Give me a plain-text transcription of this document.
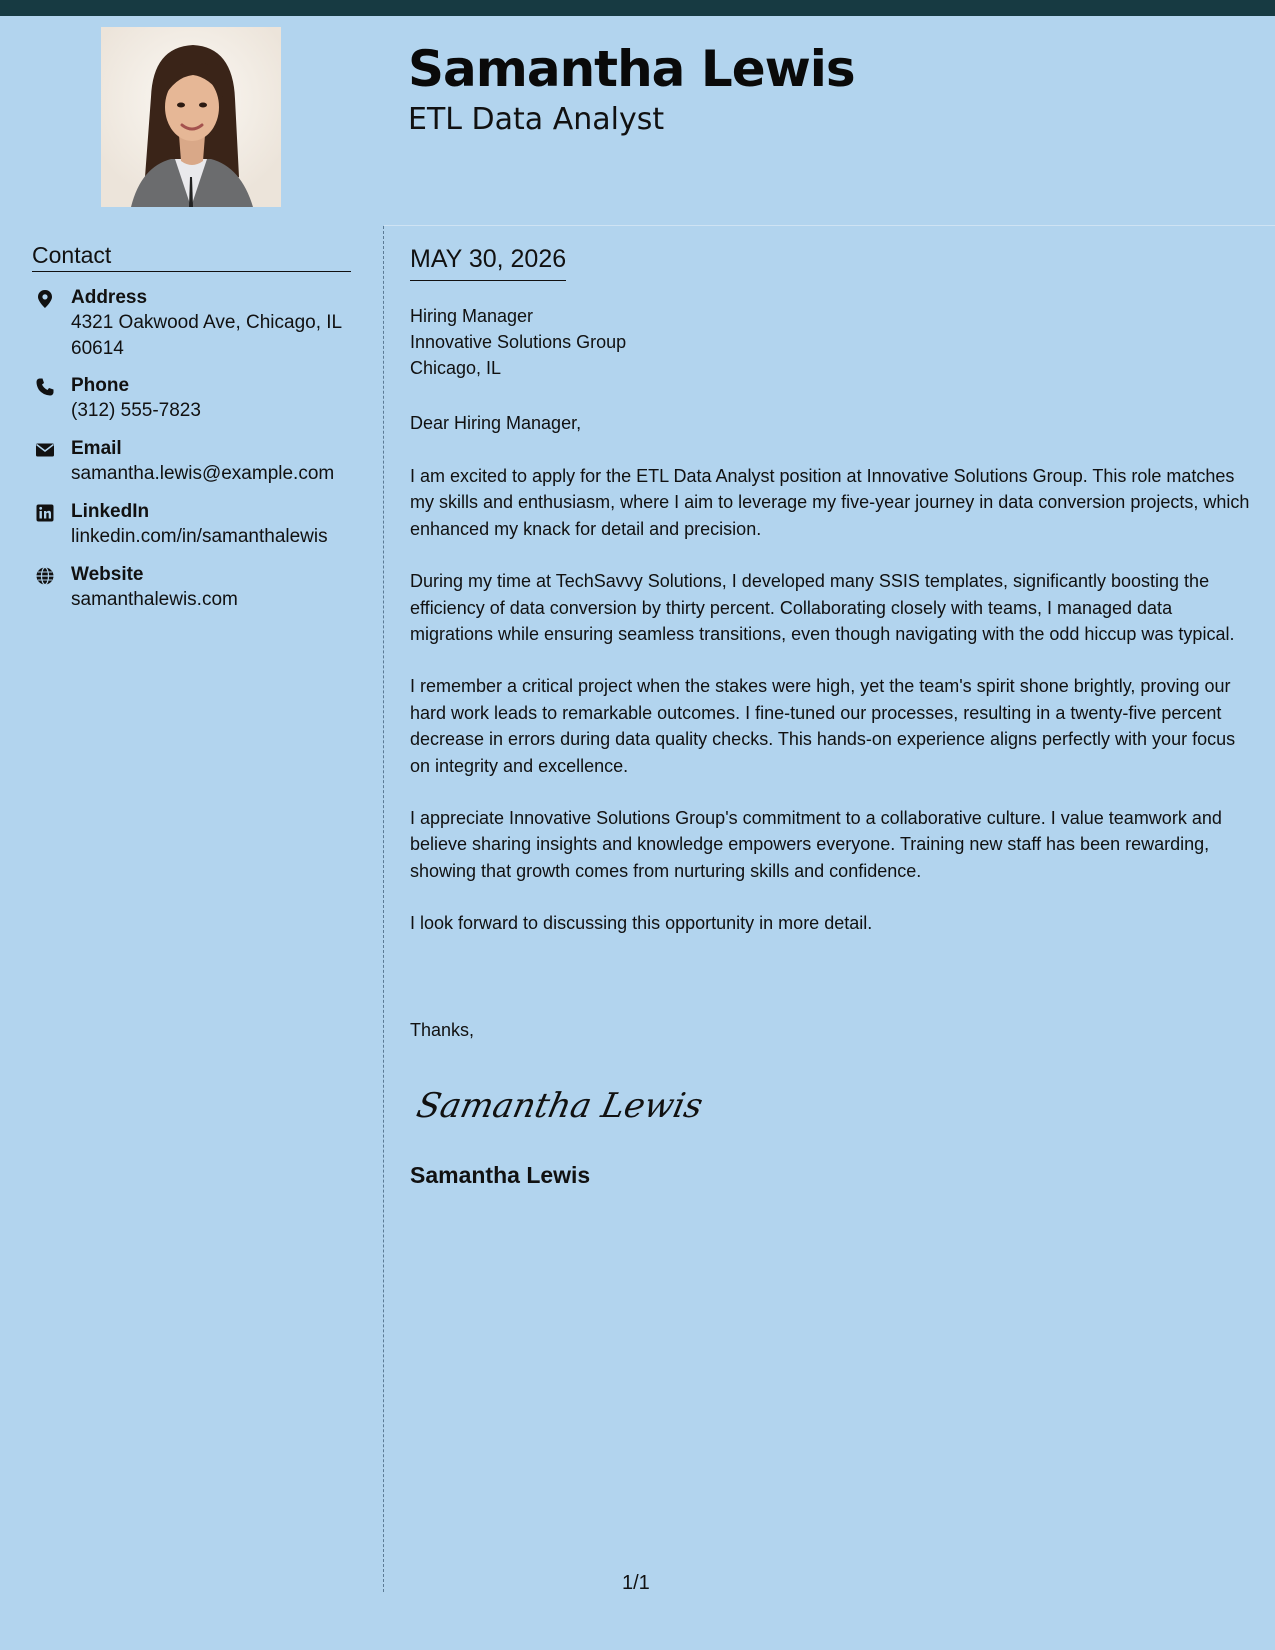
Samantha Lewis
ETL Data Analyst
Contact
Address
4321 Oakwood Ave, Chicago, IL 60614
Phone
(312) 555-7823
Email
samantha.lewis@example.com
LinkedIn
linkedin.com/in/samanthalewis
Website
samanthalewis.com
MAY 30, 2026
Hiring Manager
Innovative Solutions Group
Chicago, IL
Dear Hiring Manager,

I am excited to apply for the ETL Data Analyst position at Innovative Solutions Group. This role matches my skills and enthusiasm, where I aim to leverage my five-year journey in data conversion projects, which enhanced my knack for detail and precision.

During my time at TechSavvy Solutions, I developed many SSIS templates, significantly boosting the efficiency of data conversion by thirty percent. Collaborating closely with teams, I managed data migrations while ensuring seamless transitions, even though navigating with the odd hiccup was typical.

I remember a critical project when the stakes were high, yet the team's spirit shone brightly, proving our hard work leads to remarkable outcomes. I fine-tuned our processes, resulting in a twenty-five percent decrease in errors during data quality checks. This hands-on experience aligns perfectly with your focus on integrity and excellence.

I appreciate Innovative Solutions Group's commitment to a collaborative culture. I value teamwork and believe sharing insights and knowledge empowers everyone. Training new staff has been rewarding, showing that growth comes from nurturing skills and confidence.

I look forward to discussing this opportunity in more detail.

Thanks,
Samantha Lewis
Samantha Lewis
1/1
